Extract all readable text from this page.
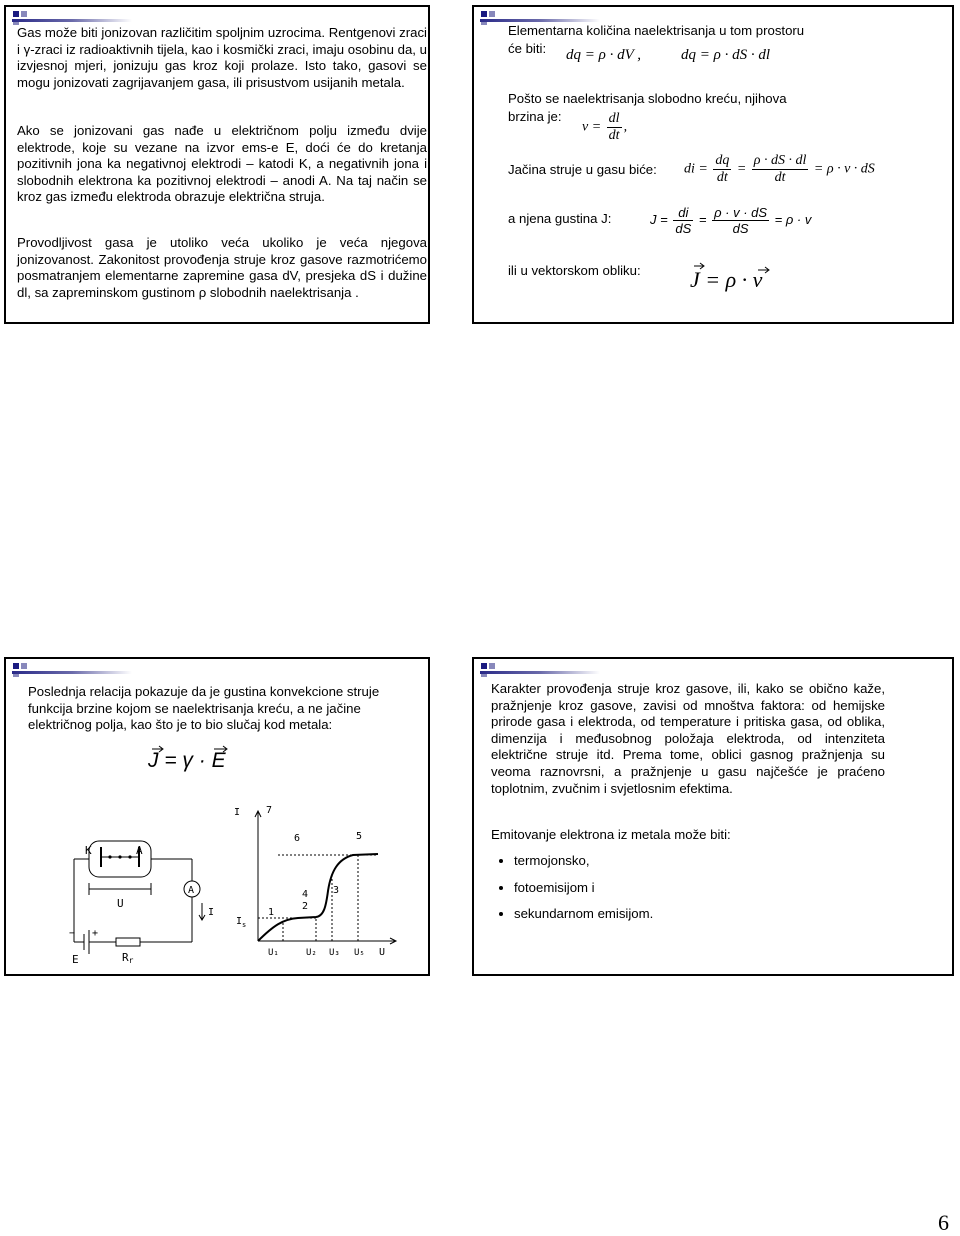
Gas može biti jonizovan različitim spoljnim uzrocima. Rentgenovi zraci i γ-zraci iz radioaktivnih tijela, kao i kosmički zraci, imaju osobinu da, u izvjesnoj mjeri, jonizuju gas kroz koji prolaze. Isto tako, gasovi se mogu jonizovati zagrijavanjem gasa, ili prisustvom usijanih metala.
Ako se jonizovani gas nađe u električnom polju između dvije elektrode, koje su vezane na izvor ems-e E, doći će do kretanja pozitivnih jona ka negativnoj elektrodi – katodi K, a negativnih jona i slobodnih elektrona ka pozitivnoj elektrodi – anodi A. Na taj način se kroz gas između elektroda obrazuje električna struja.
Provodljivost gasa je utoliko veća ukoliko je veća njegova jonizovanost. Zakonitost provođenja struje kroz gasove razmotrićemo posmatranjem elementarne zapremine gasa dV, presjeka dS i dužine dl, sa zapreminskom gustinom ρ slobodnih naelektrisanja .
Elementarna količina naelektrisanja u tom prostoru
će biti: dq = ρ · dV ,	dq = ρ · dS · dl
Pošto se naelektrisanja slobodno kreću, njihova
brzina je:
$v = \frac{dl}{dt}$ ,
Jačina struje u gasu biće: di = $\frac{dq}{dt} = \frac{\rho \cdot dS \cdot dl}{dt} = \rho \cdot v$ · dS
a njena gustina J:	$J = \frac{di}{dS} = \frac{\rho \cdot v \cdot dS}{dS} = \rho \cdot v$
ili u vektorskom obliku: J = ρ · v
Poslednja relacija pokazuje da je gustina konvekcione struje funkcija brzine kojom se naelektrisanja kreću, a ne jačine električnog polja, kao što je to bio slučaj kod metala:
J = γ · E
K	A
A
I
U
− +
E	Rr
I
$I_s$
1
2
3
4
5
6
7
U₁	U₂ U₃ U₅ U
Karakter provođenja struje kroz gasove, ili, kako se obično kaže, pražnjenje kroz gasove, zavisi od mnoštva faktora: od hemijske prirode gasa i elektroda, od temperature i pritiska gasa, od oblika, dimenzija i međusobnog položaja elektroda, od intenziteta električne struje itd. Prema tome, oblici gasnog pražnjenja su veoma raznovrsni, a pražnjenje u gasu najčešće je praćeno toplotnim, zvučnim i svjetlosnim efektima.
Emitovanje elektrona iz metala može biti:
• termojonsko,
• fotoemisijom i
• sekundarnom emisijom.
6
